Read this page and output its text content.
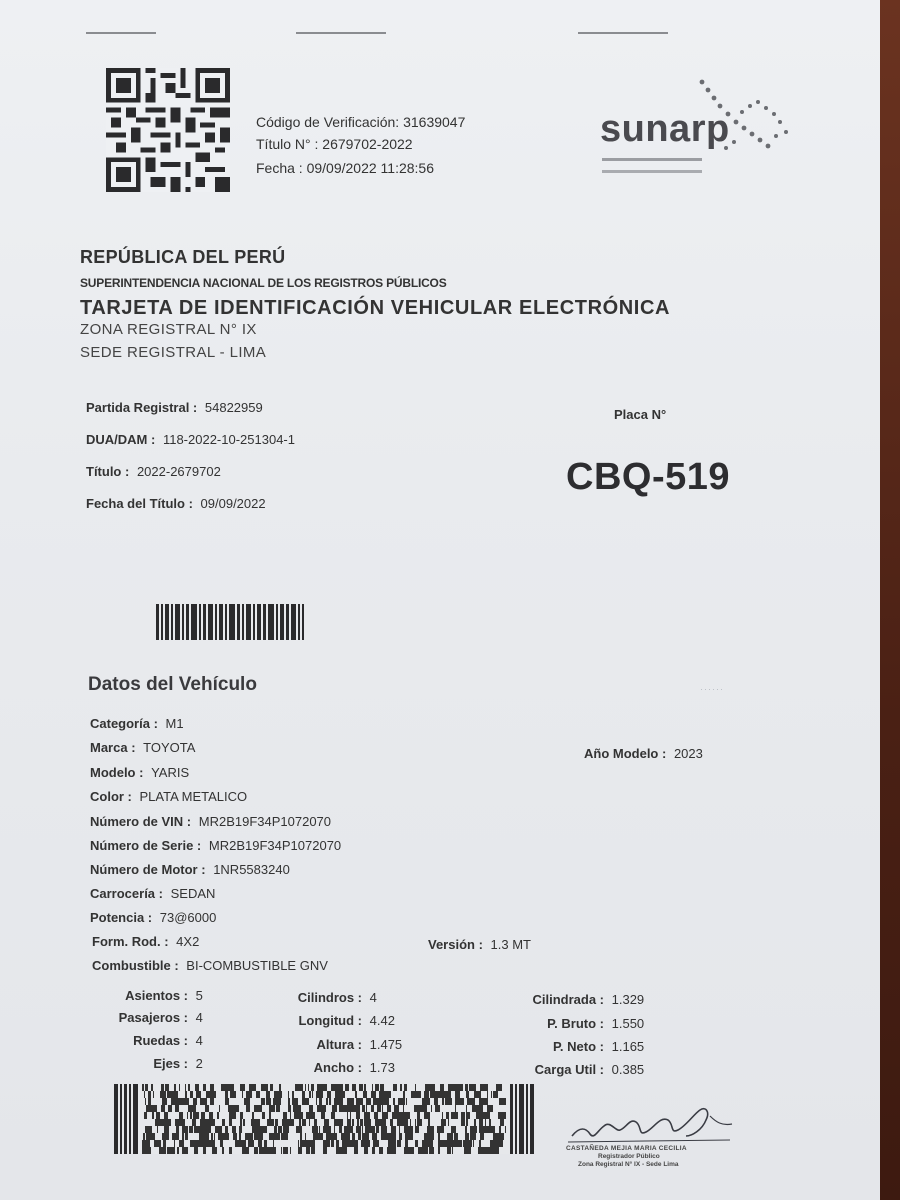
Código de Verificación: 31639047
Título N° : 2679702-2022
Fecha : 09/09/2022 11:28:56
sunarp
REPÚBLICA DEL PERÚ
SUPERINTENDENCIA NACIONAL DE LOS REGISTROS PÚBLICOS
TARJETA DE IDENTIFICACIÓN VEHICULAR ELECTRÓNICA
ZONA REGISTRAL N° IX
SEDE REGISTRAL - LIMA
Partida Registral : 54822959
DUA/DAM : 118-2022-10-251304-1
Título : 2022-2679702
Fecha del Título : 09/09/2022
Placa N°
CBQ-519
Datos del Vehículo	······
Categoría : M1
Marca : TOYOTA
Modelo : YARIS
Color : PLATA METALICO
Número de VIN : MR2B19F34P1072070
Número de Serie : MR2B19F34P1072070
Número de Motor : 1NR5583240
Carrocería : SEDAN
Potencia : 73@6000
Form. Rod. : 4X2
Combustible : BI-COMBUSTIBLE GNV
Año Modelo : 2023
Versión : 1.3 MT
Asientos : 5
Pasajeros : 4
Ruedas : 4
Ejes : 2
Cilindros : 4
Longitud : 4.42
Altura : 1.475
Ancho : 1.73
Cilindrada : 1.329
P. Bruto : 1.550
P. Neto : 1.165
Carga Util : 0.385
CASTAÑEDA MEJIA MARIA CECILIA
Registrador Público
Zona Registral N° IX - Sede Lima
